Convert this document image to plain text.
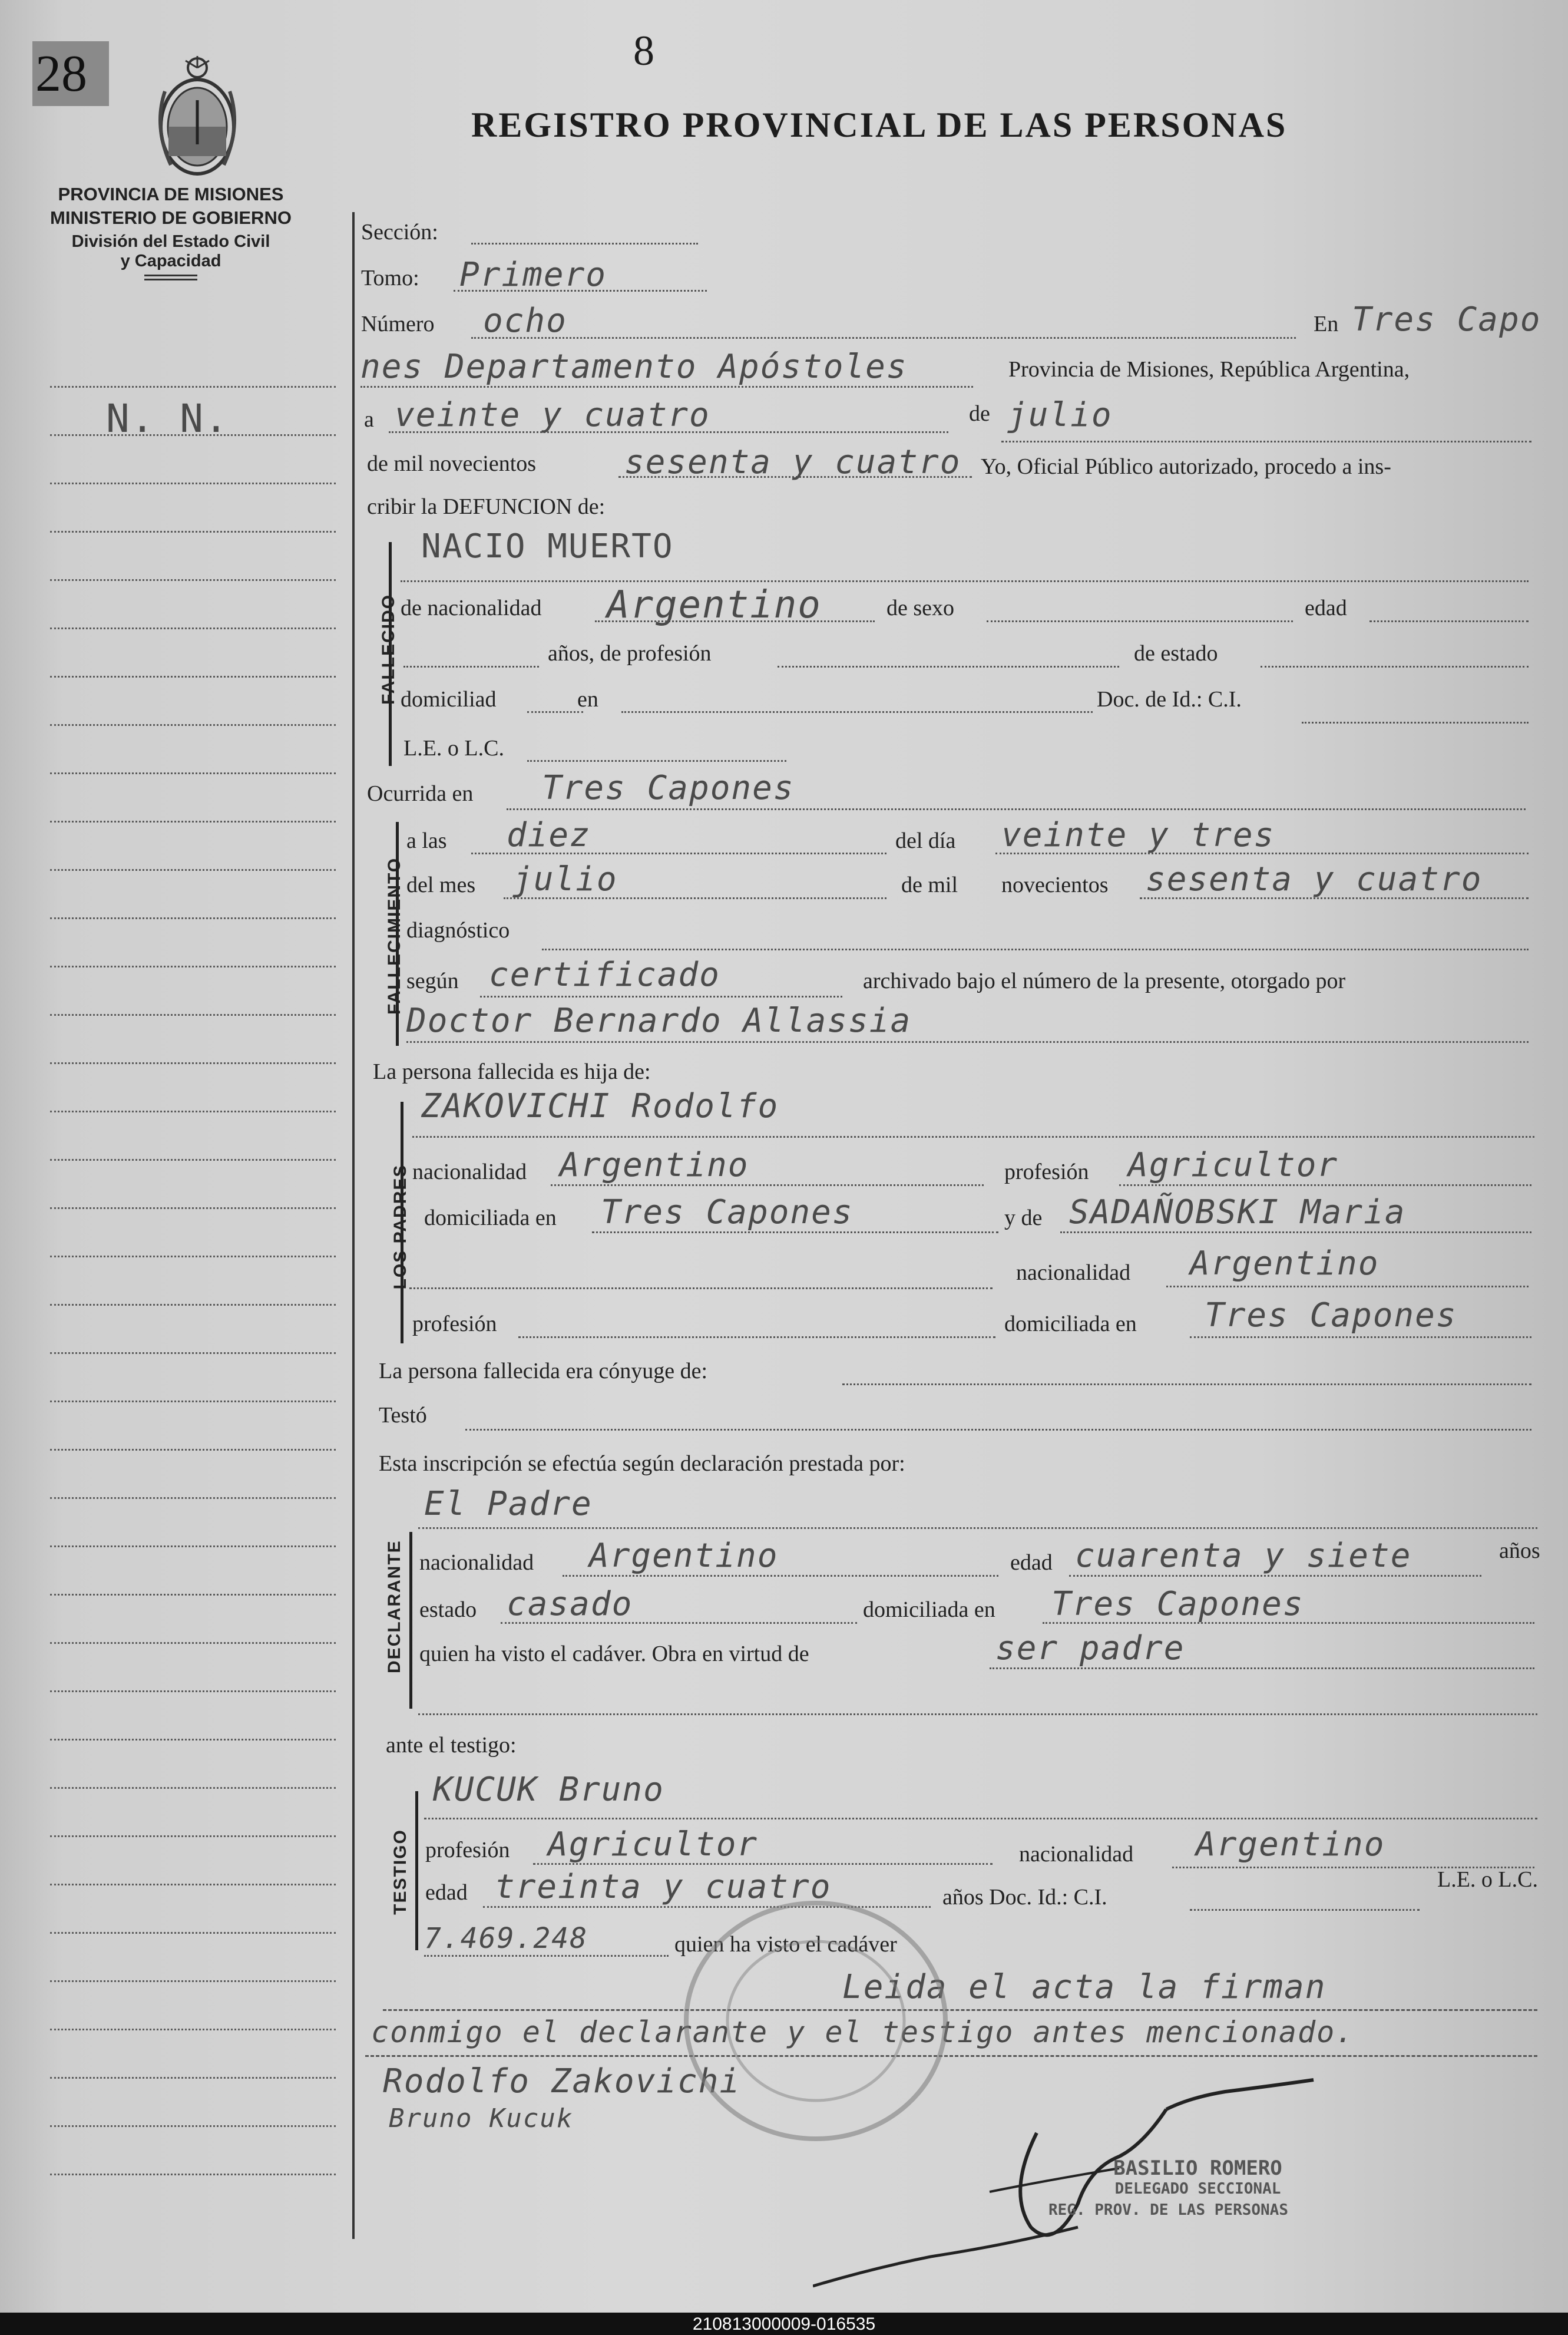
8
28
REGISTRO PROVINCIAL DE LAS PERSONAS
PROVINCIA DE MISIONES
MINISTERIO DE GOBIERNO
División del Estado Civil
y Capacidad
N. N.
Sección:
Tomo: Primero
Número ocho	En Tres Capo
nes Departamento Apóstoles	Provincia de Misiones, República Argentina,
a veinte y cuatro	de julio
de mil novecientos	sesenta y cuatro Yo, Oficial Público autorizado, procedo a ins-
cribir la DEFUNCION de:
FALLECIDO
NACIO MUERTO
de nacionalidad Argentino	de sexo	edad
años, de profesión	de estado
domiciliad	en	Doc. de Id.: C.I.
L.E. o L.C.
Ocurrida en Tres Capones
FALLECIMIENTO
a las diez	del día veinte y tres
del mes julio	de mil novecientos sesenta y cuatro
diagnóstico
según certificado	archivado bajo el número de la presente, otorgado por
Doctor Bernardo Allassia
La persona fallecida es hija de:
LOS PADRES
ZAKOVICHI Rodolfo
nacionalidad Argentino	profesión Agricultor
domiciliada en Tres Capones	y de SADAÑOBSKI Maria
nacionalidad Argentino
profesión	domiciliada en Tres Capones
La persona fallecida era cónyuge de:
Testó
Esta inscripción se efectúa según declaración prestada por:
DECLARANTE
El Padre
nacionalidad Argentino	edad cuarenta y siete	años
estado casado	domiciliada en Tres Capones
quien ha visto el cadáver. Obra en virtud de	ser padre
ante el testigo:
TESTIGO
KUCUK Bruno
profesión Agricultor	nacionalidad Argentino
edad treinta y cuatro	años Doc. Id.: C.I.
L.E. o L.C.
7.469.248	quien ha visto el cadáver
Leida el acta la firman
conmigo el declarante y el testigo antes mencionado.
Rodolfo Zakovichi
Bruno Kucuk
BASILIO ROMERO
DELEGADO SECCIONAL
REG. PROV. DE LAS PERSONAS
210813000009-016535
